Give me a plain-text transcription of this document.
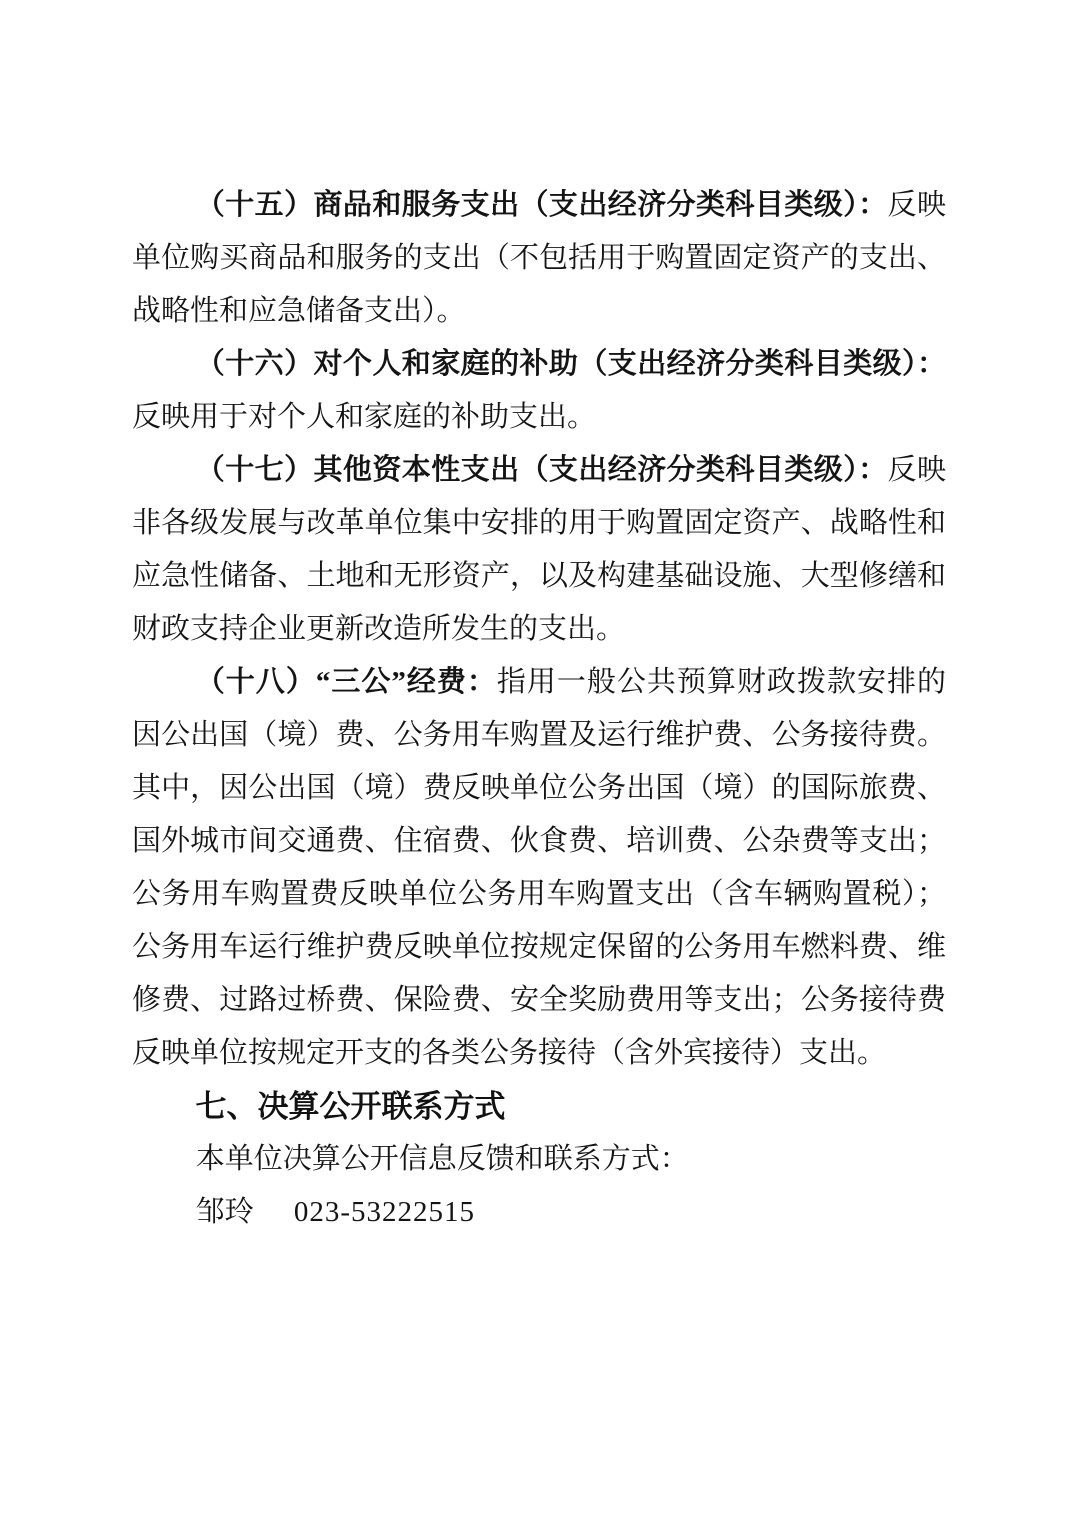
（十五）商品和服务支出（支出经济分类科目类级）：反映单位购买商品和服务的支出（不包括用于购置固定资产的支出、战略性和应急储备支出）。

（十六）对个人和家庭的补助（支出经济分类科目类级）：反映用于对个人和家庭的补助支出。

（十七）其他资本性支出（支出经济分类科目类级）：反映非各级发展与改革单位集中安排的用于购置固定资产、战略性和应急性储备、土地和无形资产，以及构建基础设施、大型修缮和财政支持企业更新改造所发生的支出。

（十八）“三公”经费：指用一般公共预算财政拨款安排的因公出国（境）费、公务用车购置及运行维护费、公务接待费。其中，因公出国（境）费反映单位公务出国（境）的国际旅费、国外城市间交通费、住宿费、伙食费、培训费、公杂费等支出；公务用车购置费反映单位公务用车购置支出（含车辆购置税）；公务用车运行维护费反映单位按规定保留的公务用车燃料费、维修费、过路过桥费、保险费、安全奖励费用等支出；公务接待费反映单位按规定开支的各类公务接待（含外宾接待）支出。

七、决算公开联系方式

本单位决算公开信息反馈和联系方式：

邹玲 023-53222515
